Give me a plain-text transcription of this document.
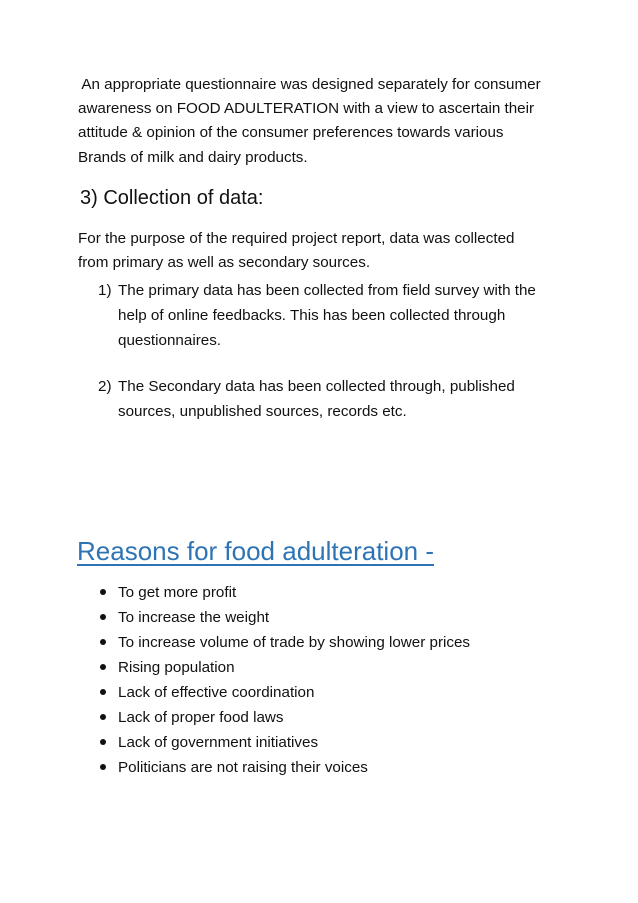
An appropriate questionnaire was designed separately for consumer
awareness on FOOD ADULTERATION with a view to ascertain their
attitude & opinion of the consumer preferences towards various
Brands of milk and dairy products.
3) Collection of data:
For the purpose of the required project report, data was collected
from primary as well as secondary sources.
1) The primary data has been collected from field survey with the
help of online feedbacks. This has been collected through
questionnaires.
2) The Secondary data has been collected through, published
sources, unpublished sources, records etc.
Reasons for food adulteration -
To get more profit
To increase the weight
To increase volume of trade by showing lower prices
Rising population
Lack of effective coordination
Lack of proper food laws
Lack of government initiatives
Politicians are not raising their voices
